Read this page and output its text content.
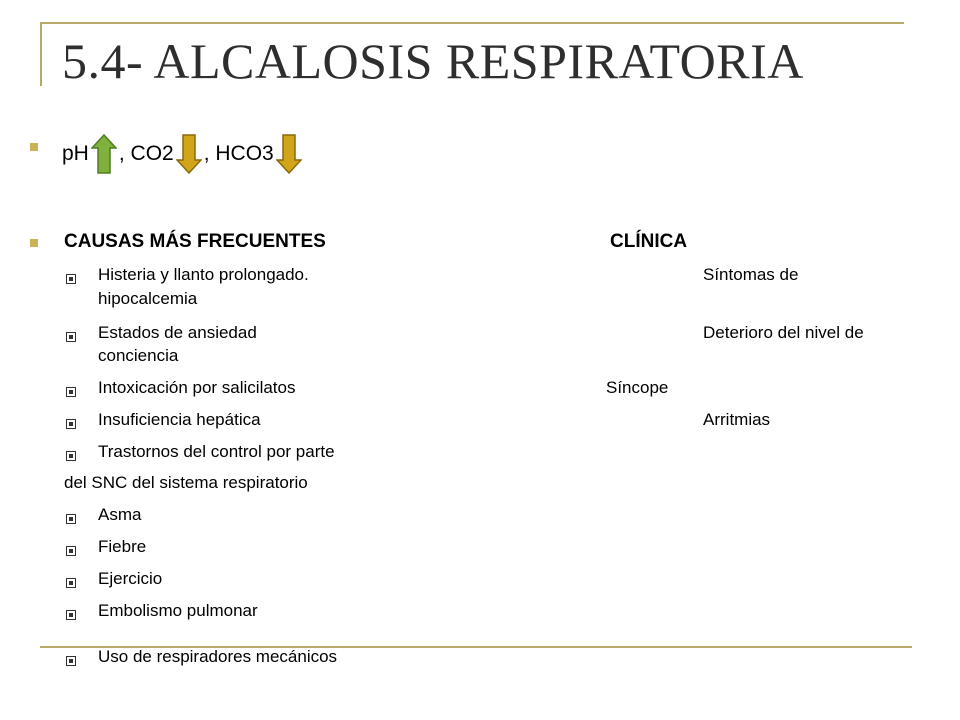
5.4- ALCALOSIS RESPIRATORIA
pH , CO2 , HCO3
CAUSAS MÁS FRECUENTES	CLÍNICA
Histeria y llanto prolongado.
Estados de ansiedad
Intoxicación por salicilatos
Insuficiencia hepática
Trastornos del control por parte
del SNC del sistema respiratorio
Asma
Fiebre
Ejercicio
Embolismo pulmonar
Uso de respiradores mecánicos
Síntomas de
hipocalcemia
Deterioro del nivel de
conciencia
Síncope
Arritmias
